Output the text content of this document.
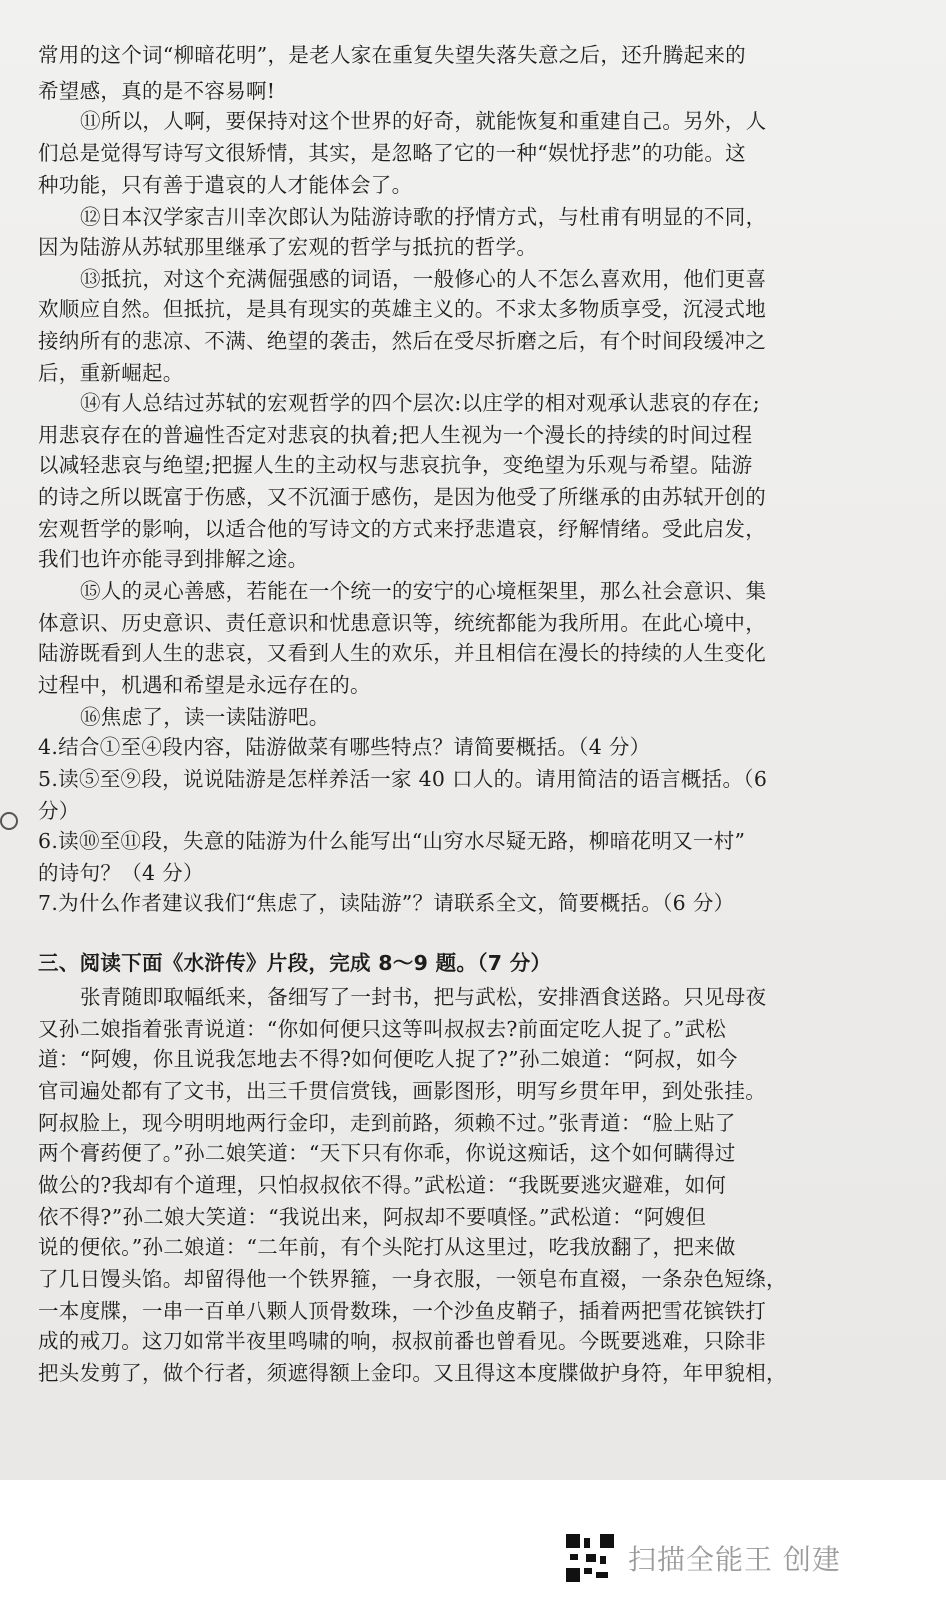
常用的这个词“柳暗花明”，是老人家在重复失望失落失意之后，还升腾起来的
希望感，真的是不容易啊!
⑪所以，人啊，要保持对这个世界的好奇，就能恢复和重建自己。另外，人
们总是觉得写诗写文很矫情，其实，是忽略了它的一种“娱忧抒悲”的功能。这
种功能，只有善于遣哀的人才能体会了。
⑫日本汉学家吉川幸次郎认为陆游诗歌的抒情方式，与杜甫有明显的不同，
因为陆游从苏轼那里继承了宏观的哲学与抵抗的哲学。
⑬抵抗，对这个充满倔强感的词语，一般修心的人不怎么喜欢用，他们更喜
欢顺应自然。但抵抗，是具有现实的英雄主义的。不求太多物质享受，沉浸式地
接纳所有的悲凉、不满、绝望的袭击，然后在受尽折磨之后，有个时间段缓冲之
后，重新崛起。
⑭有人总结过苏轼的宏观哲学的四个层次:以庄学的相对观承认悲哀的存在;
用悲哀存在的普遍性否定对悲哀的执着;把人生视为一个漫长的持续的时间过程
以减轻悲哀与绝望;把握人生的主动权与悲哀抗争，变绝望为乐观与希望。陆游
的诗之所以既富于伤感，又不沉湎于感伤，是因为他受了所继承的由苏轼开创的
宏观哲学的影响，以适合他的写诗文的方式来抒悲遣哀，纾解情绪。受此启发，
我们也许亦能寻到排解之途。
⑮人的灵心善感，若能在一个统一的安宁的心境框架里，那么社会意识、集
体意识、历史意识、责任意识和忧患意识等，统统都能为我所用。在此心境中，
陆游既看到人生的悲哀，又看到人生的欢乐，并且相信在漫长的持续的人生变化
过程中，机遇和希望是永远存在的。
⑯焦虑了，读一读陆游吧。
4.结合①至④段内容，陆游做菜有哪些特点？请简要概括。（4 分）
5.读⑤至⑨段，说说陆游是怎样养活一家 40 口人的。请用简洁的语言概括。（6
分）
6.读⑩至⑪段，失意的陆游为什么能写出“山穷水尽疑无路，柳暗花明又一村”
的诗句？（4 分）
7.为什么作者建议我们“焦虑了，读陆游”？请联系全文，简要概括。（6 分）
三、阅读下面《水浒传》片段，完成 8～9 题。（7 分）
张青随即取幅纸来，备细写了一封书，把与武松，安排酒食送路。只见母夜
又孙二娘指着张青说道：“你如何便只这等叫叔叔去?前面定吃人捉了。”武松
道：“阿嫂，你且说我怎地去不得?如何便吃人捉了?”孙二娘道：“阿叔，如今
官司遍处都有了文书，出三千贯信赏钱，画影图形，明写乡贯年甲，到处张挂。
阿叔脸上，现今明明地两行金印，走到前路，须赖不过。”张青道：“脸上贴了
两个膏药便了。”孙二娘笑道：“天下只有你乖，你说这痴话，这个如何瞒得过
做公的?我却有个道理，只怕叔叔依不得。”武松道：“我既要逃灾避难，如何
依不得?”孙二娘大笑道：“我说出来，阿叔却不要嗔怪。”武松道：“阿嫂但
说的便依。”孙二娘道：“二年前，有个头陀打从这里过，吃我放翻了，把来做
了几日馒头馅。却留得他一个铁界箍，一身衣服，一领皂布直裰，一条杂色短绦，
一本度牒，一串一百单八颗人顶骨数珠，一个沙鱼皮鞘子，插着两把雪花镔铁打
成的戒刀。这刀如常半夜里鸣啸的响，叔叔前番也曾看见。今既要逃难，只除非
把头发剪了，做个行者，须遮得额上金印。又且得这本度牒做护身符，年甲貌相，
扫描全能王 创建
